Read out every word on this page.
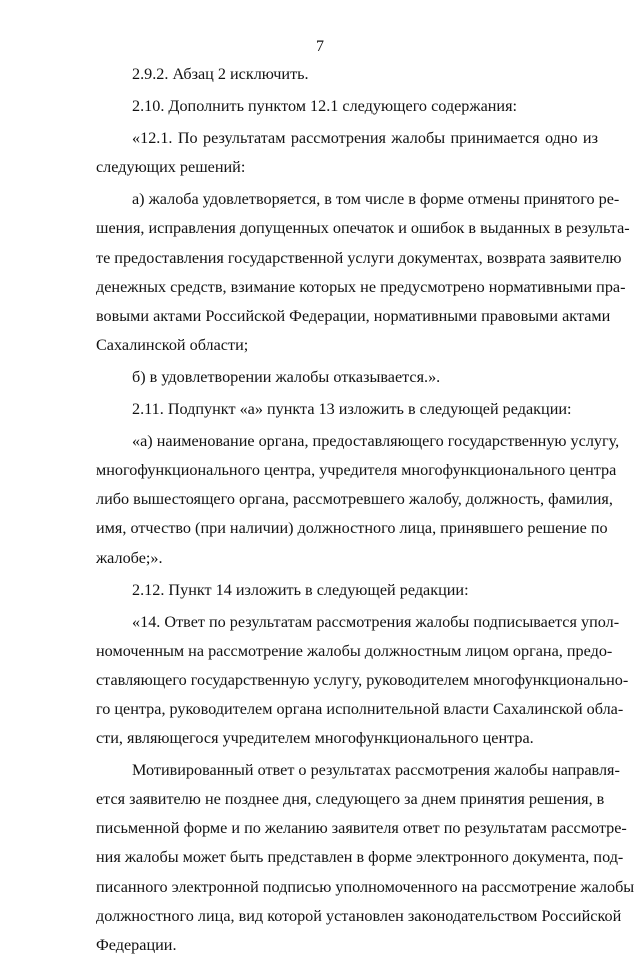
7
2.9.2. Абзац 2 исключить.
2.10. Дополнить пунктом 12.1 следующего содержания:
«12.1. По результатам рассмотрения жалобы принимается одно из
следующих решений:
а) жалоба удовлетворяется, в том числе в форме отмены принятого ре-
шения, исправления допущенных опечаток и ошибок в выданных в результа-
те предоставления государственной услуги документах, возврата заявителю
денежных средств, взимание которых не предусмотрено нормативными пра-
вовыми актами Российской Федерации, нормативными правовыми актами
Сахалинской области;
б) в удовлетворении жалобы отказывается.».
2.11. Подпункт «а» пункта 13 изложить в следующей редакции:
«а) наименование органа, предоставляющего государственную услугу,
многофункционального центра, учредителя многофункционального центра
либо вышестоящего органа, рассмотревшего жалобу, должность, фамилия,
имя, отчество (при наличии) должностного лица, принявшего решение по
жалобе;».
2.12. Пункт 14 изложить в следующей редакции:
«14. Ответ по результатам рассмотрения жалобы подписывается упол-
номоченным на рассмотрение жалобы должностным лицом органа, предо-
ставляющего государственную услугу, руководителем многофункционально-
го центра, руководителем органа исполнительной власти Сахалинской обла-
сти, являющегося учредителем многофункционального центра.
Мотивированный ответ о результатах рассмотрения жалобы направля-
ется заявителю не позднее дня, следующего за днем принятия решения, в
письменной форме и по желанию заявителя ответ по результатам рассмотре-
ния жалобы может быть представлен в форме электронного документа, под-
писанного электронной подписью уполномоченного на рассмотрение жалобы
должностного лица, вид которой установлен законодательством Российской
Федерации.
